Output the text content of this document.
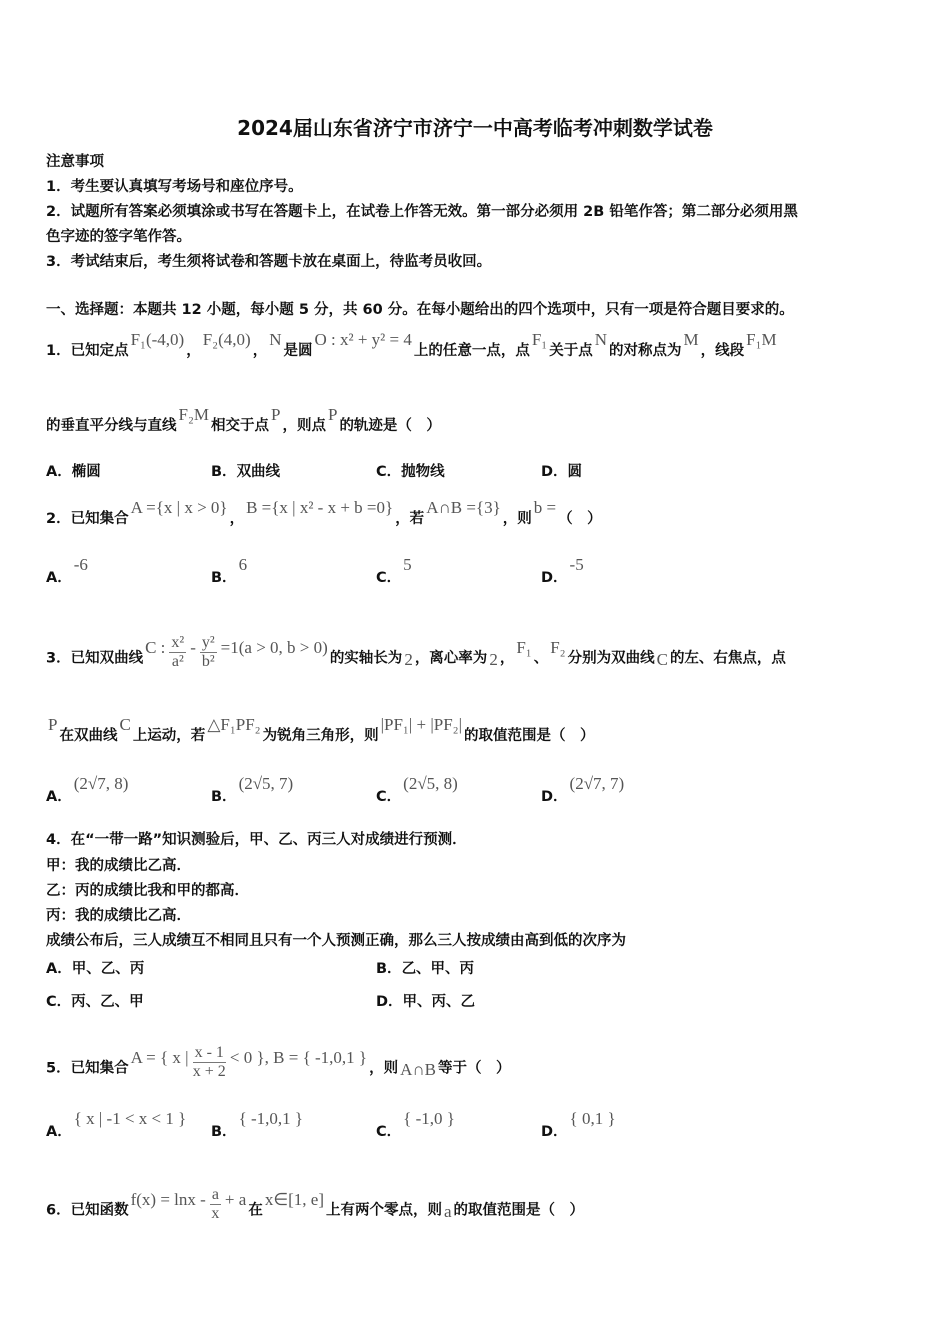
2024届山东省济宁市济宁一中高考临考冲刺数学试卷
注意事项
1．考生要认真填写考场号和座位序号。
2．试题所有答案必须填涂或书写在答题卡上，在试卷上作答无效。第一部分必须用 2B 铅笔作答；第二部分必须用黑
色字迹的签字笔作答。
3．考试结束后，考生须将试卷和答题卡放在桌面上，待监考员收回。
一、选择题：本题共 12 小题，每小题 5 分，共 60 分。在每小题给出的四个选项中，只有一项是符合题目要求的。
1．已知定点F₁(-4,0)，F₂(4,0)，N是圆O : x² + y² = 4上的任意一点，点F₁关于点N的对称点为M，线段F₁M
的垂直平分线与直线F₂M相交于点P，则点P的轨迹是（　）
A．椭圆	B．双曲线	C．抛物线	D．圆
2．已知集合A ={x | x > 0}，B ={x | x² - x + b =0}，若A∩B ={3}，则b =（　）
A．-6
B．6
C．5
D．-5
3．已知双曲线C : $\frac{\text{x²}}{\text{a²}} - \frac{\text{y²}}{\text{b²}} =1(a > 0$, b > 0)的实轴长为 2 ，离心率为 2 ，F₁、F₂分别为双曲线 C 的左、右焦点，点
P在双曲线C上运动，若△F₁PF₂为锐角三角形，则|PF₁| + |PF₂|的取值范围是（　）
A．(2√7, 8)
B．(2√5, 7)
C．(2√5, 8)
D．(2√7, 7)
4．在“一带一路”知识测验后，甲、乙、丙三人对成绩进行预测．
甲：我的成绩比乙高．
乙：丙的成绩比我和甲的都高．
丙：我的成绩比乙高．
成绩公布后，三人成绩互不相同且只有一个人预测正确，那么三人按成绩由高到低的次序为
A．甲、乙、丙	B．乙、甲、丙
C．丙、乙、甲	D．甲、丙、乙
5．已知集合A = { x | $\frac{x - 1}{x + 2} < 0$ }, B = { -1,0,1 }，则 A∩B 等于（　）
A．{ x | -1 < x < 1 }
B．{ -1,0,1 }
C．{ -1,0 }
D．{ 0,1 }
6．已知函数$f(x) = \ln x - \frac{a}{x} + a$在x∈[1, e]上有两个零点，则 a 的取值范围是（　）
